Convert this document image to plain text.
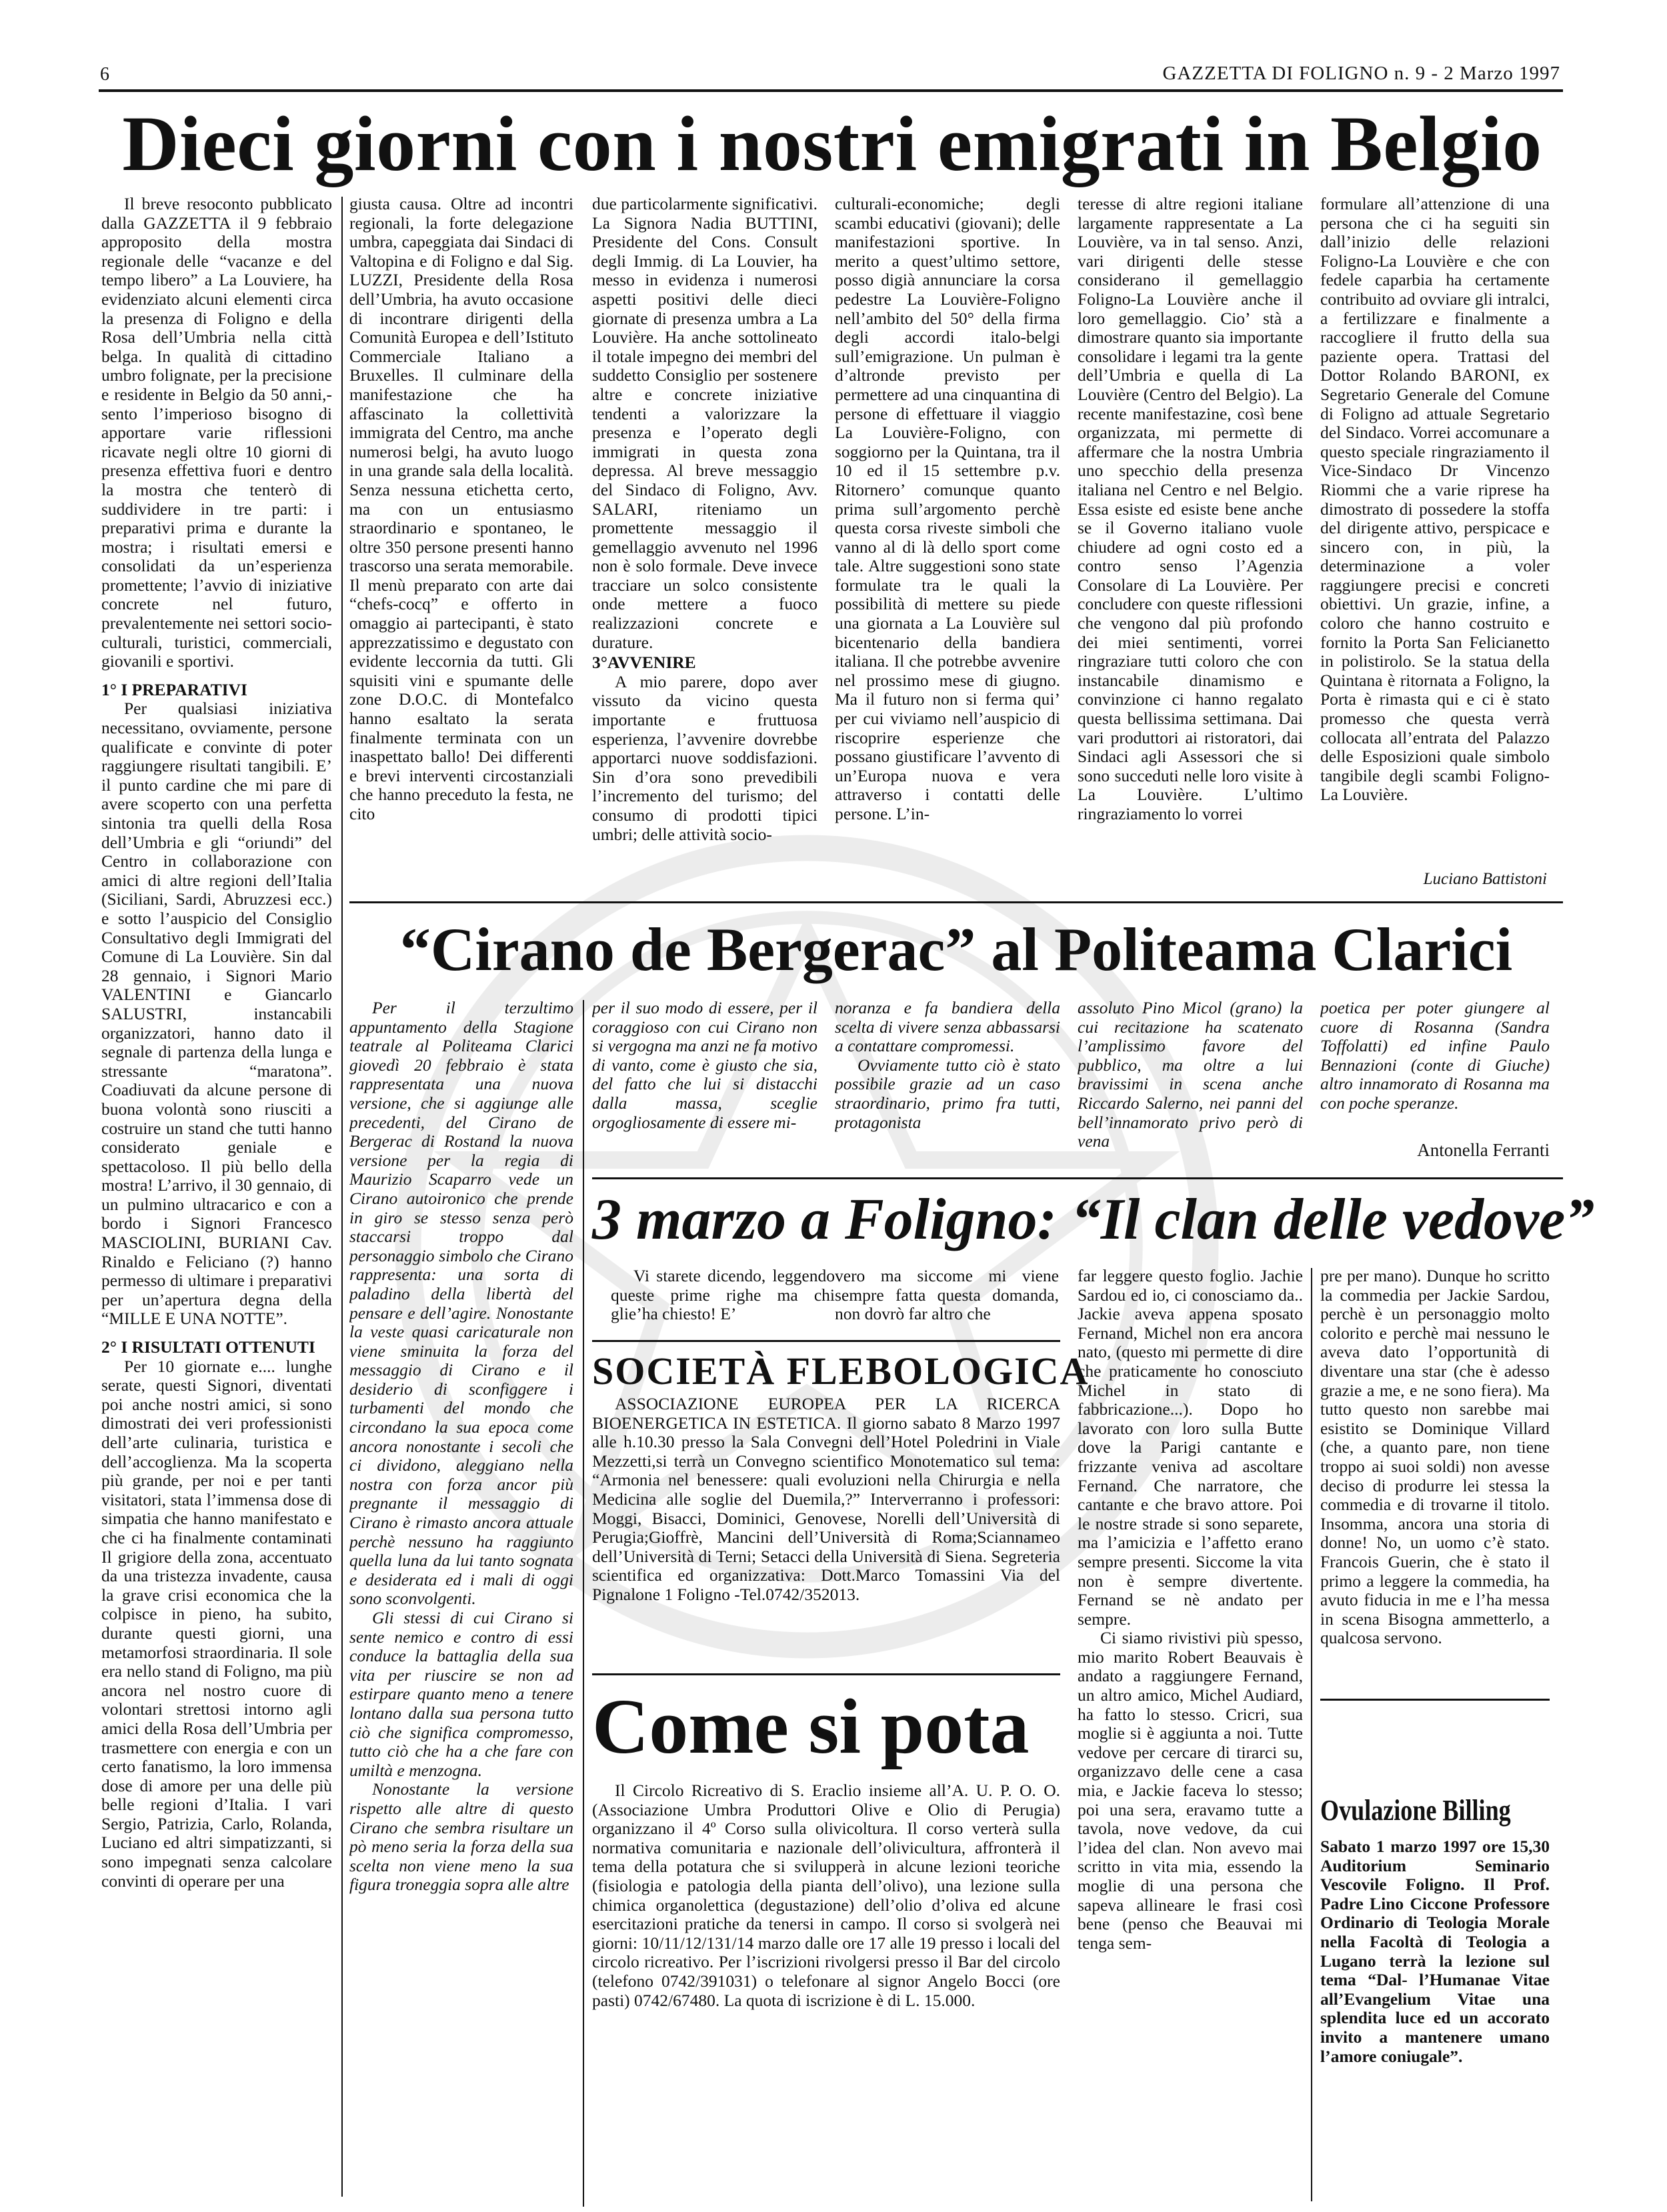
6	GAZZETTA DI FOLIGNO n. 9 - 2 Marzo 1997
Dieci giorni con i nostri emigrati in Belgio

Il breve resoconto pubblicato dalla GAZZETTA il 9 febbraio approposito della mostra regionale delle “vacanze e del tempo libero” a La Louviere, ha evidenziato alcuni elementi circa la presenza di Foligno e della Rosa dell’Umbria nella città belga. In qualità di cittadino umbro folignate, per la precisione e residente in Belgio da 50 anni,- sento l’imperioso bisogno di apportare varie riflessioni ricavate negli oltre 10 giorni di presenza effettiva fuori e dentro la mostra che tenterò di suddividere in tre parti: i preparativi prima e durante la mostra; i risultati emersi e consolidati da un’esperienza promettente; l’avvio di iniziative concrete nel futuro, prevalentemente nei settori socio-culturali, turistici, commerciali, giovanili e sportivi.

1° I PREPARATIVI

Per qualsiasi iniziativa necessitano, ovviamente, persone qualificate e convinte di poter raggiungere risultati tangibili. E’ il punto cardine che mi pare di avere scoperto con una perfetta sintonia tra quelli della Rosa dell’Umbria e gli “oriundi” del Centro in collaborazione con amici di altre regioni dell’Italia (Siciliani, Sardi, Abruzzesi ecc.) e sotto l’auspicio del Consiglio Consultativo degli Immigrati del Comune di La Louvière. Sin dal 28 gennaio, i Signori Mario VALENTINI e Giancarlo SALUSTRI, instancabili organizzatori, hanno dato il segnale di partenza della lunga e stressante “maratona”. Coadiuvati da alcune persone di buona volontà sono riusciti a costruire un stand che tutti hanno considerato geniale e spettacoloso. Il più bello della mostra! L’arrivo, il 30 gennaio, di un pulmino ultracarico e con a bordo i Signori Francesco MASCIOLINI, BURIANI Cav. Rinaldo e Feliciano (?) hanno permesso di ultimare i preparativi per un’apertura degna della “MILLE E UNA NOTTE”.

2° I RISULTATI OTTENUTI

Per 10 giornate e.... lunghe serate, questi Signori, diventati poi anche nostri amici, si sono dimostrati dei veri professionisti dell’arte culinaria, turistica e dell’accoglienza. Ma la scoperta più grande, per noi e per tanti visitatori, stata l’immensa dose di simpatia che hanno manifestato e che ci ha finalmente contaminati Il grigiore della zona, accentuato da una tristezza invadente, causa la grave crisi economica che la colpisce in pieno, ha subito, durante questi giorni, una metamorfosi straordinaria. Il sole era nello stand di Foligno, ma più ancora nel nostro cuore di volontari strettosi intorno agli amici della Rosa dell’Umbria per trasmettere con energia e con un certo fanatismo, la loro immensa dose di amore per una delle più belle regioni d’Italia. I vari Sergio, Patrizia, Carlo, Rolanda, Luciano ed altri simpatizzanti, si sono impegnati senza calcolare convinti di operare per una

giusta causa. Oltre ad incontri regionali, la forte delegazione umbra, capeggiata dai Sindaci di Valtopina e di Foligno e dal Sig. LUZZI, Presidente della Rosa dell’Umbria, ha avuto occasione di incontrare dirigenti della Comunità Europea e dell’Istituto Commerciale Italiano a Bruxelles. Il culminare della manifestazione che ha affascinato la collettività immigrata del Centro, ma anche numerosi belgi, ha avuto luogo in una grande sala della località. Senza nessuna etichetta certo, ma con un entusiasmo straordinario e spontaneo, le oltre 350 persone presenti hanno trascorso una serata memorabile. Il menù preparato con arte dai “chefs-cocq” e offerto in omaggio ai partecipanti, è stato apprezzatissimo e degustato con evidente leccornia da tutti. Gli squisiti vini e spumante delle zone D.O.C. di Montefalco hanno esaltato la serata finalmente terminata con un inaspettato ballo! Dei differenti e brevi interventi circostanziali che hanno preceduto la festa, ne cito

due particolarmente significativi. La Signora Nadia BUTTINI, Presidente del Cons. Consult degli Immig. di La Louvier, ha messo in evidenza i numerosi aspetti positivi delle dieci giornate di presenza umbra a La Louvière. Ha anche sottolineato il totale impegno dei membri del suddetto Consiglio per sostenere altre e concrete iniziative tendenti a valorizzare la presenza e l’operato degli immigrati in questa zona depressa. Al breve messaggio del Sindaco di Foligno, Avv. SALARI, riteniamo un promettente messaggio il gemellaggio avvenuto nel 1996 non è solo formale. Deve invece tracciare un solco consistente onde mettere a fuoco realizzazioni concrete e durature.

3°AVVENIRE

A mio parere, dopo aver vissuto da vicino questa importante e fruttuosa esperienza, l’avvenire dovrebbe apportarci nuove soddisfazioni. Sin d’ora sono prevedibili l’incremento del turismo; del consumo di prodotti tipici umbri; delle attività socio-

culturali-economiche; degli scambi educativi (giovani); delle manifestazioni sportive. In merito a quest’ultimo settore, posso digià annunciare la corsa pedestre La Louvière-Foligno nell’ambito del 50° della firma degli accordi italo-belgi sull’emigrazione. Un pulman è d’altronde previsto per permettere ad una cinquantina di persone di effettuare il viaggio La Louvière-Foligno, con soggiorno per la Quintana, tra il 10 ed il 15 settembre p.v. Ritornero’ comunque quanto prima sull’argomento perchè questa corsa riveste simboli che vanno al di là dello sport come tale. Altre suggestioni sono state formulate tra le quali la possibilità di mettere su piede una giornata a La Louvière sul bicentenario della bandiera italiana. Il che potrebbe avvenire nel prossimo mese di giugno. Ma il futuro non si ferma qui’ per cui viviamo nell’auspicio di riscoprire esperienze che possano giustificare l’avvento di un’Europa nuova e vera attraverso i contatti delle persone. L’in-

teresse di altre regioni italiane largamente rappresentate a La Louvière, va in tal senso. Anzi, vari dirigenti delle stesse considerano il gemellaggio Foligno-La Louvière anche il loro gemellaggio. Cio’ stà a dimostrare quanto sia importante consolidare i legami tra la gente dell’Umbria e quella di La Louvière (Centro del Belgio). La recente manifestazine, così bene organizzata, mi permette di affermare che la nostra Umbria uno specchio della presenza italiana nel Centro e nel Belgio. Essa esiste ed esiste bene anche se il Governo italiano vuole chiudere ad ogni costo ed a contro senso l’Agenzia Consolare di La Louvière. Per concludere con queste riflessioni che vengono dal più profondo dei miei sentimenti, vorrei ringraziare tutti coloro che con instancabile dinamismo e convinzione ci hanno regalato questa bellissima settimana. Dai vari produttori ai ristoratori, dai Sindaci agli Assessori che si sono succeduti nelle loro visite à La Louvière. L’ultimo ringraziamento lo vorrei

formulare all’attenzione di una persona che ci ha seguiti sin dall’inizio delle relazioni Foligno-La Louvière e che con fedele caparbia ha certamente contribuito ad ovviare gli intralci, a fertilizzare e finalmente a raccogliere il frutto della sua paziente opera. Trattasi del Dottor Rolando BARONI, ex Segretario Generale del Comune di Foligno ad attuale Segretario del Sindaco. Vorrei accomunare a questo speciale ringraziamento il Vice-Sindaco Dr Vincenzo Riommi che a varie riprese ha dimostrato di possedere la stoffa del dirigente attivo, perspicace e sincero con, in più, la determinazione a voler raggiungere precisi e concreti obiettivi. Un grazie, infine, a coloro che hanno costruito e fornito la Porta San Felicianetto in polistirolo. Se la statua della Quintana è ritornata a Foligno, la Porta è rimasta qui e ci è stato promesso che questa verrà collocata all’entrata del Palazzo delle Esposizioni quale simbolo tangibile degli scambi Foligno-La Louvière.

Luciano Battistoni
“Cirano de Bergerac” al Politeama Clarici

Per il terzultimo appuntamento della Stagione teatrale al Politeama Clarici giovedì 20 febbraio è stata rappresentata una nuova versione, che si aggiunge alle precedenti, del Cirano de Bergerac di Rostand la nuova versione per la regia di Maurizio Scaparro vede un Cirano autoironico che prende in giro se stesso senza però staccarsi troppo dal personaggio simbolo che Cirano rappresenta: una sorta di paladino della libertà del pensare e dell’agire. Nonostante la veste quasi caricaturale non viene sminuita la forza del messaggio di Cirano e il desiderio di sconfiggere i turbamenti del mondo che circondano la sua epoca come ancora nonostante i secoli che ci dividono, aleggiano nella nostra con forza ancor più pregnante il messaggio di Cirano è rimasto ancora attuale perchè nessuno ha raggiunto quella luna da lui tanto sognata e desiderata ed i mali di oggi sono sconvolgenti.

Gli stessi di cui Cirano si sente nemico e contro di essi conduce la battaglia della sua vita per riuscire se non ad estirpare quanto meno a tenere lontano dalla sua persona tutto ciò che significa compromesso, tutto ciò che ha a che fare con umiltà e menzogna.

Nonostante la versione rispetto alle altre di questo Cirano che sembra risultare un pò meno seria la forza della sua scelta non viene meno la sua figura troneggia sopra alle altre

per il suo modo di essere, per il coraggioso con cui Cirano non si vergogna ma anzi ne fa motivo di vanto, come è giusto che sia, del fatto che lui si distacchi dalla massa, sceglie orgogliosamente di essere mi-

noranza e fa bandiera della scelta di vivere senza abbassarsi a contattare compromessi.

Ovviamente tutto ciò è stato possibile grazie ad un caso straordinario, primo fra tutti, protagonista

assoluto Pino Micol (grano) la cui recitazione ha scatenato l’amplissimo favore del pubblico, ma oltre a lui bravissimi in scena anche Riccardo Salerno, nei panni del bell’innamorato privo però di vena

poetica per poter giungere al cuore di Rosanna (Sandra Toffolatti) ed infine Paulo Bennazioni (conte di Giuche) altro innamorato di Rosanna ma con poche speranze.

Antonella Ferranti
3 marzo a Foligno: “Il clan delle vedove”

Vi starete dicendo, leggendo queste prime righe ma chi glie’ha chiesto! E’

vero ma siccome mi viene sempre fatta questa domanda, non dovrò far altro che

far leggere questo foglio. Jachie Sardou ed io, ci conosciamo da.. Jackie aveva appena sposato Fernand, Michel non era ancora nato, (questo mi permette di dire che praticamente ho conosciuto Michel in stato di fabbricazione...). Dopo ho lavorato con loro sulla Butte dove la Parigi cantante e frizzante veniva ad ascoltare Fernand. Che narratore, che cantante e che bravo attore. Poi le nostre strade si sono separete, ma l’amicizia e l’affetto erano sempre presenti. Siccome la vita non è sempre divertente. Fernand se nè andato per sempre.

Ci siamo rivistivi più spesso, mio marito Robert Beauvais è andato a raggiungere Fernand, un altro amico, Michel Audiard, ha fatto lo stesso. Cricri, sua moglie si è aggiunta a noi. Tutte vedove per cercare di tirarci su, organizzavo delle cene a casa mia, e Jackie faceva lo stesso; poi una sera, eravamo tutte a tavola, nove vedove, da cui l’idea del clan. Non avevo mai scritto in vita mia, essendo la moglie di una persona che sapeva allineare le frasi così bene (penso che Beauvai mi tenga sem-

pre per mano). Dunque ho scritto la commedia per Jackie Sardou, perchè è un personaggio molto colorito e perchè mai nessuno le aveva dato l’opportunità di diventare una star (che è adesso grazie a me, e ne sono fiera). Ma tutto questo non sarebbe mai esistito se Dominique Villard (che, a quanto pare, non tiene troppo ai suoi soldi) non avesse deciso di produrre lei stessa la commedia e di trovarne il titolo. Insomma, ancora una storia di donne! No, un uomo c’è stato. Francois Guerin, che è stato il primo a leggere la commedia, ha avuto fiducia in me e l’ha messa in scena Bisogna ammetterlo, a qualcosa servono.

SOCIETÀ FLEBOLOGICA

ASSOCIAZIONE EUROPEA PER LA RICERCA BIOENERGETICA IN ESTETICA. Il giorno sabato 8 Marzo 1997 alle h.10.30 presso la Sala Convegni dell’Hotel Poledrini in Viale Mezzetti,si terrà un Convegno scientifico Monotematico sul tema: “Armonia nel benessere: quali evoluzioni nella Chirurgia e nella Medicina alle soglie del Duemila,?” Interverranno i professori: Moggi, Bisacci, Dominici, Genovese, Norelli dell’Università di Perugia;Gioffrè, Mancini dell’Università di Roma;Sciannameo dell’Università di Terni; Setacci della Università di Siena. Segreteria scientifica ed organizzativa: Dott.Marco Tomassini Via del Pignalone 1 Foligno -Tel.0742/352013.

Come si pota

Il Circolo Ricreativo di S. Eraclio insieme all’A. U. P. O. O. (Associazione Umbra Produttori Olive e Olio di Perugia) organizzano il 4º Corso sulla olivicoltura. Il corso verterà sulla normativa comunitaria e nazionale dell’olivicultura, affronterà il tema della potatura che si svilupperà in alcune lezioni teoriche (fisiologia e patologia della pianta dell’olivo), una lezione sulla chimica organolettica (degustazione) dell’olio d’oliva ed alcune esercitazioni pratiche da tenersi in campo. Il corso si svolgerà nei giorni: 10/11/12/131/14 marzo dalle ore 17 alle 19 presso i locali del circolo ricreativo. Per l’iscrizioni rivolgersi presso il Bar del circolo (telefono 0742/391031) o telefonare al signor Angelo Bocci (ore pasti) 0742/67480. La quota di iscrizione è di L. 15.000.

Ovulazione Billing

Sabato 1 marzo 1997 ore 15,30 Auditorium Seminario Vescovile Foligno. Il Prof. Padre Lino Ciccone Professore Ordinario di Teologia Morale nella Facoltà di Teologia a Lugano terrà la lezione sul tema “Dal- l’Humanae Vitae all’Evangelium Vitae una splendita luce ed un accorato invito a mantenere umano l’amore coniugale”.
